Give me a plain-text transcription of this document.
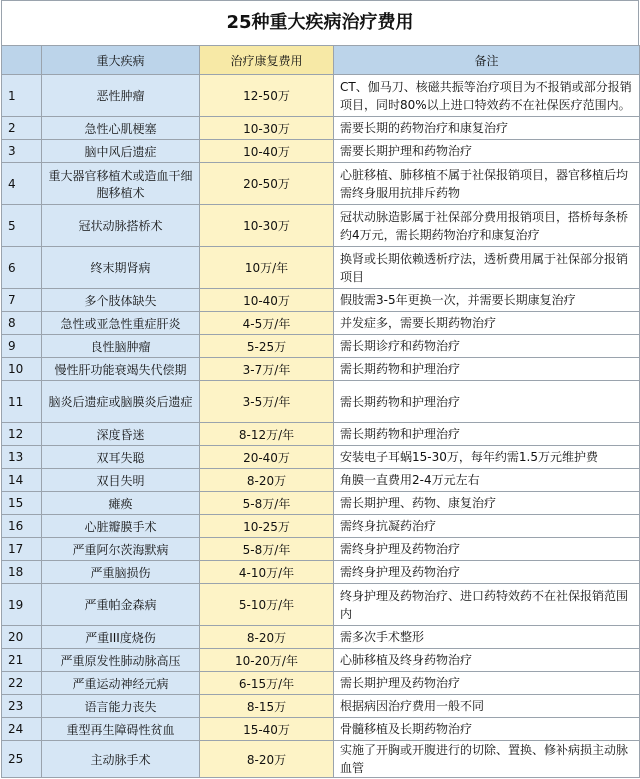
25种重大疾病治疗费用
	重大疾病	治疗康复费用	备注
1	恶性肿瘤	12-50万	CT、伽马刀、核磁共振等治疗项目为不报销或部分报销项目，同时80%以上进口特效药不在社保医疗范围内。
2	急性心肌梗塞	10-30万	需要长期的药物治疗和康复治疗
3	脑中风后遗症	10-40万	需要长期护理和药物治疗
4	重大器官移植术或造血干细胞移植术	20-50万	心脏移植、肺移植不属于社保报销项目，器官移植后均需终身服用抗排斥药物
5	冠状动脉搭桥术	10-30万	冠状动脉造影属于社保部分费用报销项目，搭桥每条桥约4万元，需长期药物治疗和康复治疗
6	终末期肾病	10万/年	换肾或长期依赖透析疗法，透析费用属于社保部分报销项目
7	多个肢体缺失	10-40万	假肢需3-5年更换一次，并需要长期康复治疗
8	急性或亚急性重症肝炎	4-5万/年	并发症多，需要长期药物治疗
9	良性脑肿瘤	5-25万	需长期诊疗和药物治疗
10	慢性肝功能衰竭失代偿期	3-7万/年	需长期药物和护理治疗
11	脑炎后遗症或脑膜炎后遗症	3-5万/年	需长期药物和护理治疗
12	深度昏迷	8-12万/年	需长期药物和护理治疗
13	双耳失聪	20-40万	安装电子耳蜗15-30万，每年约需1.5万元维护费
14	双目失明	8-20万	角膜一直费用2-4万元左右
15	瘫痪	5-8万/年	需长期护理、药物、康复治疗
16	心脏瓣膜手术	10-25万	需终身抗凝药治疗
17	严重阿尔茨海默病	5-8万/年	需终身护理及药物治疗
18	严重脑损伤	4-10万/年	需终身护理及药物治疗
19	严重帕金森病	5-10万/年	终身护理及药物治疗、进口药特效药不在社保报销范围内
20	严重III度烧伤	8-20万	需多次手术整形
21	严重原发性肺动脉高压	10-20万/年	心肺移植及终身药物治疗
22	严重运动神经元病	6-15万/年	需长期护理及药物治疗
23	语言能力丧失	8-15万	根据病因治疗费用一般不同
24	重型再生障碍性贫血	15-40万	骨髓移植及长期药物治疗
25	主动脉手术	8-20万	实施了开胸或开腹进行的切除、置换、修补病损主动脉血管
